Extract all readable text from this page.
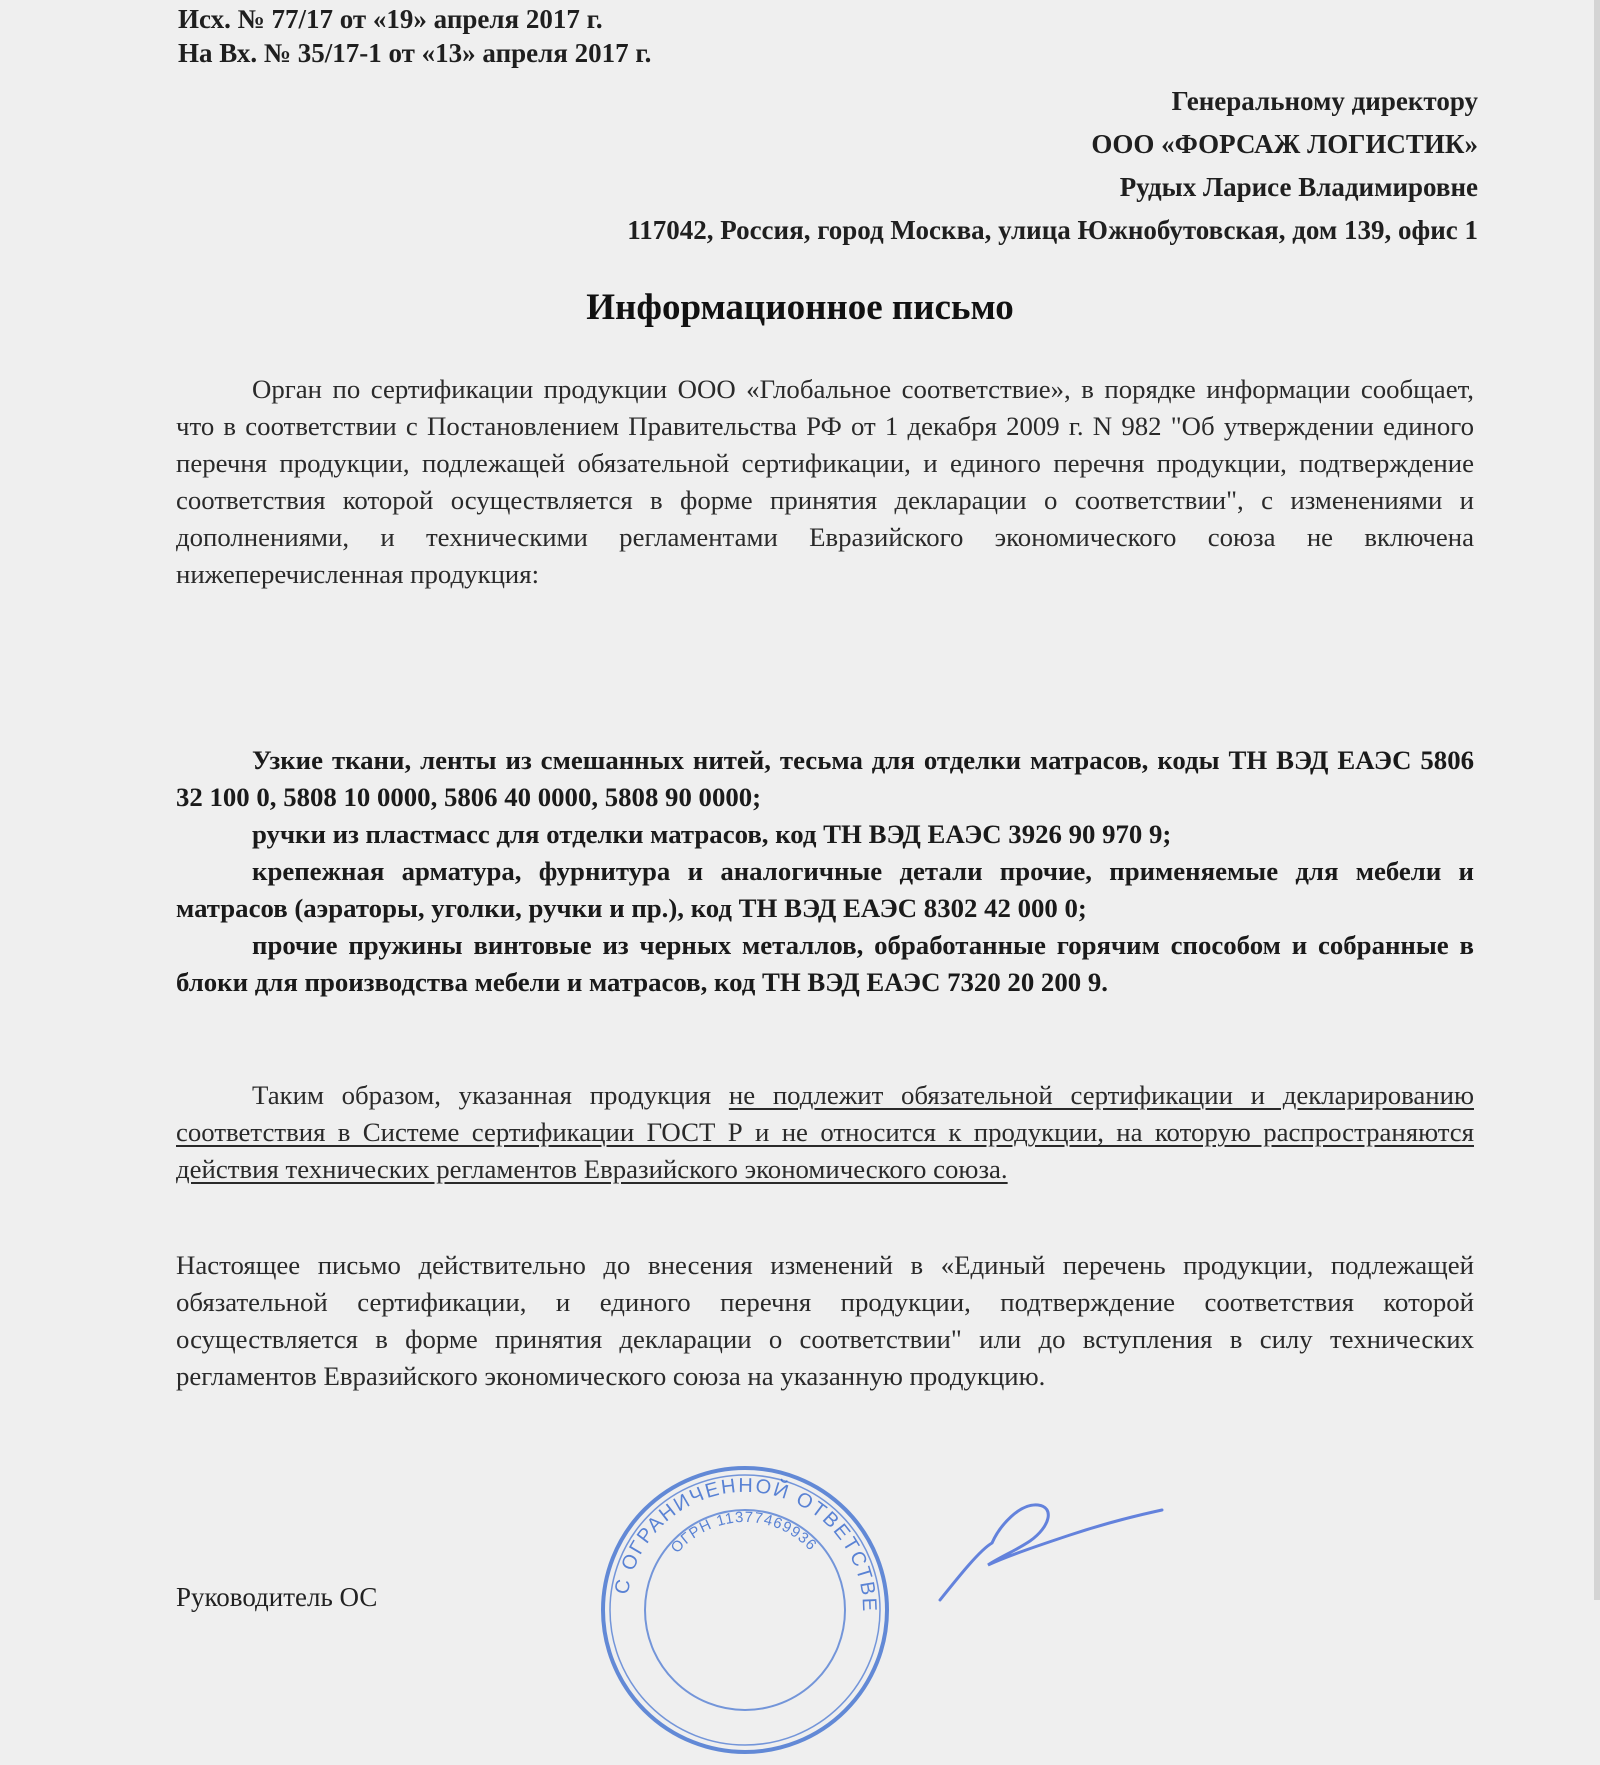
Исх. № 77/17 от «19» апреля 2017 г.
На Вх. № 35/17-1 от «13» апреля 2017 г.
Генеральному директору
ООО «ФОРСАЖ ЛОГИСТИК»
Рудых Ларисе Владимировне
117042, Россия, город Москва, улица Южнобутовская, дом 139, офис 1
Информационное письмо

Орган по сертификации продукции ООО «Глобальное соответствие», в порядке информации сообщает, что в соответствии с Постановлением Правительства РФ от 1 декабря 2009 г. N 982 "Об утверждении единого перечня продукции, подлежащей обязательной сертификации, и единого перечня продукции, подтверждение соответствия которой осуществляется в форме принятия декларации о соответствии", с изменениями и дополнениями, и техническими регламентами Евразийского экономического союза не включена нижеперечисленная продукция:

Узкие ткани, ленты из смешанных нитей, тесьма для отделки матрасов, коды ТН ВЭД ЕАЭС 5806 32 100 0, 5808 10 0000, 5806 40 0000, 5808 90 0000;

ручки из пластмасс для отделки матрасов, код ТН ВЭД ЕАЭС 3926 90 970 9;

крепежная арматура, фурнитура и аналогичные детали прочие, применяемые для мебели и матрасов (аэраторы, уголки, ручки и пр.), код ТН ВЭД ЕАЭС 8302 42 000 0;

прочие пружины винтовые из черных металлов, обработанные горячим способом и собранные в блоки для производства мебели и матрасов, код ТН ВЭД ЕАЭС 7320 20 200 9.

Таким образом, указанная продукция не подлежит обязательной сертификации и декларированию соответствия в Системе сертификации ГОСТ Р и не относится к продукции, на которую распространяются действия технических регламентов Евразийского экономического союза.

Настоящее письмо действительно до внесения изменений в «Единый перечень продукции, подлежащей обязательной сертификации, и единого перечня продукции, подтверждение соответствия которой осуществляется в форме принятия декларации о соответствии" или до вступления в силу технических регламентов Евразийского экономического союза на указанную продукцию.

С ОГРАНИЧЕННОЙ ОТВЕТСТВЕ
ОГРН 11377469936
Руководитель ОС
